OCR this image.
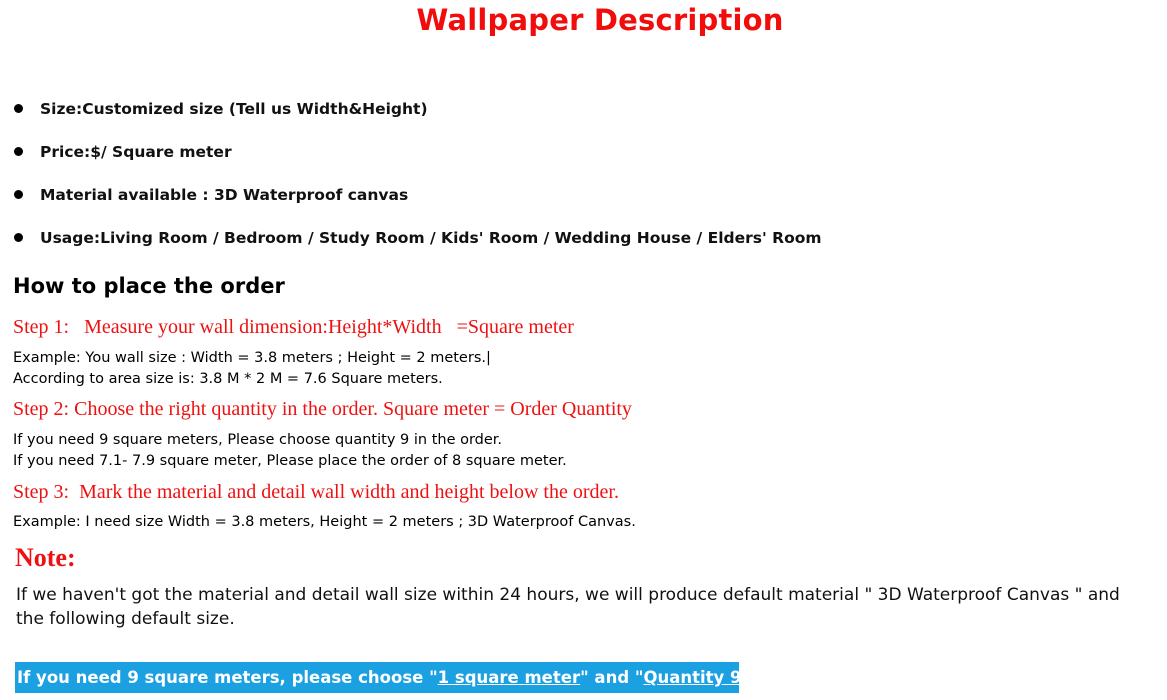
Wallpaper Description
Size:Customized size (Tell us Width&Height)
Price:$/ Square meter
Material available : 3D Waterproof canvas
Usage:Living Room / Bedroom / Study Room / Kids' Room / Wedding House / Elders' Room
How to place the order
Step 1:   Measure your wall dimension:Height*Width   =Square meter
Example: You wall size : Width = 3.8 meters ; Height = 2 meters.|
According to area size is: 3.8 M * 2 M = 7.6 Square meters.
Step 2: Choose the right quantity in the order. Square meter = Order Quantity
If you need 9 square meters, Please choose quantity 9 in the order.
If you need 7.1- 7.9 square meter, Please place the order of 8 square meter.
Step 3:  Mark the material and detail wall width and height below the order.
Example: I need size Width = 3.8 meters, Height = 2 meters ; 3D Waterproof Canvas.
Note:
If we haven't got the material and detail wall size within 24 hours, we will produce default material " 3D Waterproof Canvas " and the following default size.
If you need 9 square meters, please choose "1 square meter" and "Quantity 9" here.
